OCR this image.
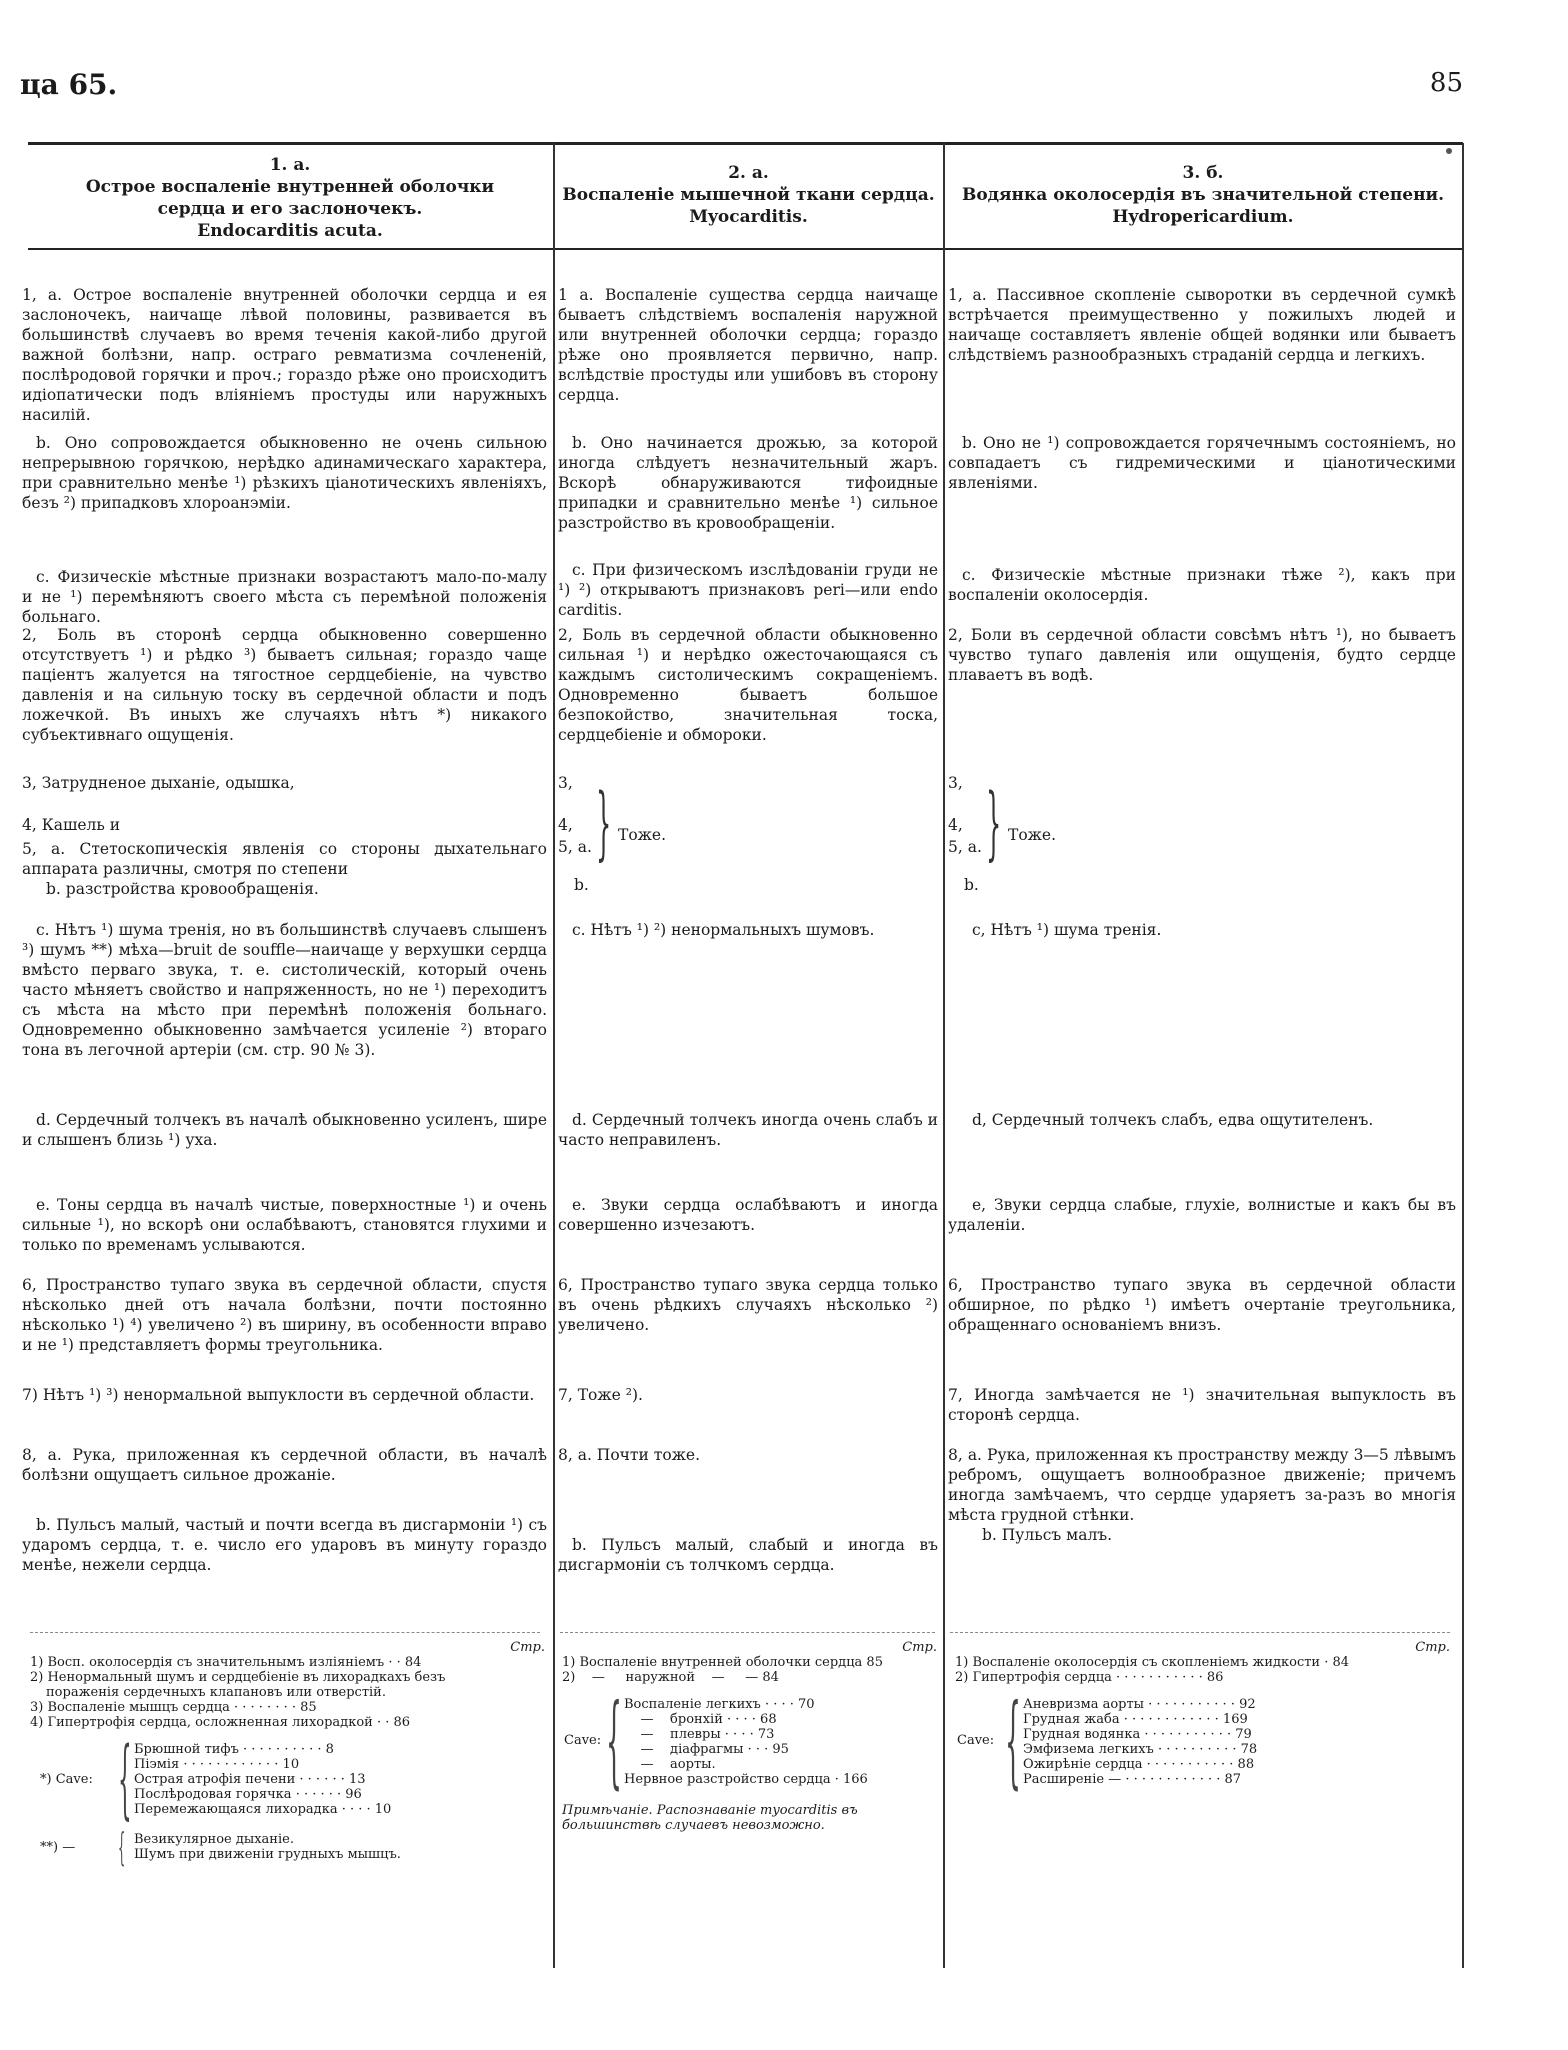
ца 65.	85
1. а.
Острое воспаленіе внутренней оболочки сердца и его заслоночекъ.
Endocarditis acuta.
2. а.
Воспаленіе мышечной ткани сердца.
Myocarditis.
3. б.
Водянка околосердія въ значительной степени.
Hydropericardium.

1, а. Острое воспаленіе внутренней оболочки сердца и ея заслоночекъ, наичаще лѣвой половины, развивается въ большинствѣ случаевъ во время теченія какой-либо другой важной болѣзни, напр. остраго ревматизма сочлененій, послѣродовой горячки и проч.; гораздо рѣже оно происходитъ идіопатически подъ вліяніемъ простуды или наружныхъ насилій.

b. Оно сопровождается обыкновенно не очень сильною непрерывною горячкою, нерѣдко адинамическаго характера, при сравнительно менѣе ¹) рѣзкихъ ціанотическихъ явленіяхъ, безъ ²) припадковъ хлороанэміи.

c. Физическіе мѣстные признаки возрастаютъ мало-по-малу и не ¹) перемѣняютъ своего мѣста съ перемѣной положенія больнаго.

2, Боль въ сторонѣ сердца обыкновенно совершенно отсутствуетъ ¹) и рѣдко ³) бываетъ сильная; гораздо чаще паціентъ жалуется на тягостное сердцебіеніе, на чувство давленія и на сильную тоску въ сердечной области и подъ ложечкой. Въ иныхъ же случаяхъ нѣтъ *) никакого субъективнаго ощущенія.

3, Затрудненое дыханіе, одышка,

4, Кашель и

5, а. Стетоскопическія явленія со стороны дыхательнаго аппарата различны, смотря по степени

b. разстройства кровообращенія.

c. Нѣтъ ¹) шума тренія, но въ большинствѣ случаевъ слышенъ ³) шумъ **) мѣха—bruit de souffle—наичаще у верхушки сердца вмѣсто перваго звука, т. е. систолическій, который очень часто мѣняетъ свойство и напряженность, но не ¹) переходитъ съ мѣста на мѣсто при перемѣнѣ положенія больнаго. Одновременно обыкновенно замѣчается усиленіе ²) втораго тона въ легочной артеріи (см. стр. 90 № 3).

d. Сердечный толчекъ въ началѣ обыкновенно усиленъ, шире и слышенъ близь ¹) уха.

e. Тоны сердца въ началѣ чистые, поверхностные ¹) и очень сильные ¹), но вскорѣ они ослабѣваютъ, становятся глухими и только по временамъ услываются.

6, Пространство тупаго звука въ сердечной области, спустя нѣсколько дней отъ начала болѣзни, почти постоянно нѣсколько ¹) ⁴) увеличено ²) въ ширину, въ особенности вправо и не ¹) представляетъ формы треугольника.

7) Нѣтъ ¹) ³) ненормальной выпуклости въ сердечной области.

8, а. Рука, приложенная къ сердечной области, въ началѣ болѣзни ощущаетъ сильное дрожаніе.

b. Пульсъ малый, частый и почти всегда въ дисгармоніи ¹) съ ударомъ сердца, т. е. число его ударовъ въ минуту гораздо менѣе, нежели сердца.

1 а. Воспаленіе существа сердца наичаще бываетъ слѣдствіемъ воспаленія наружной или внутренней оболочки сердца; гораздо рѣже оно проявляется первично, напр. вслѣдствіе простуды или ушибовъ въ сторону сердца.

b. Оно начинается дрожью, за которой иногда слѣдуетъ незначительный жаръ. Вскорѣ обнаруживаются тифоидные припадки и сравнительно менѣе ¹) сильное разстройство въ кровообращеніи.

c. При физическомъ изслѣдованіи груди не ¹) ²) открываютъ признаковъ peri—или endo carditis.

2, Боль въ сердечной области обыкновенно сильная ¹) и нерѣдко ожесточающаяся съ каждымъ систолическимъ сокращеніемъ. Одновременно бываетъ большое безпокойство, значительная тоска, сердцебіеніе и обмороки.

3,

4,

5, а. } Тоже.

b.

c. Нѣтъ ¹) ²) ненормальныхъ шумовъ.

d. Сердечный толчекъ иногда очень слабъ и часто неправиленъ.

e. Звуки сердца ослабѣваютъ и иногда совершенно изчезаютъ.

6, Пространство тупаго звука сердца только въ очень рѣдкихъ случаяхъ нѣсколько ²) увеличено.

7, Тоже ²).

8, а. Почти тоже.

b. Пульсъ малый, слабый и иногда въ дисгармоніи съ толчкомъ сердца.

1, а. Пассивное скопленіе сыворотки въ сердечной сумкѣ встрѣчается преимущественно у пожилыхъ людей и наичаще составляетъ явленіе общей водянки или бываетъ слѣдствіемъ разнообразныхъ страданій сердца и легкихъ.

b. Оно не ¹) сопровождается горячечнымъ состояніемъ, но совпадаетъ съ гидремическими и ціанотическими явленіями.

c. Физическіе мѣстные признаки тѣже ²), какъ при воспаленіи околосердія.

2, Боли въ сердечной области совсѣмъ нѣтъ ¹), но бываетъ чувство тупаго давленія или ощущенія, будто сердце плаваетъ въ водѣ.

3,

4,

5, а. } Тоже.

b.

c, Нѣтъ ¹) шума тренія.

d, Сердечный толчекъ слабъ, едва ощутителенъ.

e, Звуки сердца слабые, глухіе, волнистые и какъ бы въ удаленіи.

6, Пространство тупаго звука въ сердечной области обширное, по рѣдко ¹) имѣетъ очертаніе треугольника, обращеннаго основаніемъ внизъ.

7, Иногда замѣчается не ¹) значительная выпуклость въ сторонѣ сердца.

8, а. Рука, приложенная къ пространству между 3—5 лѣвымъ ребромъ, ощущаетъ волнообразное движеніе; причемъ иногда замѣчаемъ, что сердце ударяетъ за-разъ во многія мѣста грудной стѣнки.

b. Пульсъ малъ.

Стр.
1) Восп. околосердія съ значительнымъ изліяніемъ · · 84
2) Ненормальный шумъ и сердцебіеніе въ лихорадкахъ безъ
пораженія сердечныхъ клапановъ или отверстій.
3) Воспаленіе мышцъ сердца · · · · · · · · 85
4) Гипертрофія сердца, осложненная лихорадкой · · 86
*) Cave: { Брюшной тифъ · · · · · · · · · · 8
Піэмія · · · · · · · · · · · · 10
Острая атрофія печени · · · · · · 13
Послѣродовая горячка · · · · · · 96
Перемежающаяся лихорадка · · · · 10
**) — { Везикулярное дыханіе.
Шумъ при движеніи грудныхъ мышцъ.
Стр.
1) Воспаленіе внутренней оболочки сердца 85
2)    —     наружной    —     — 84
Cave: { Воспаленіе легкихъ · · · · 70
—    бронхій · · · · 68
—    плевры · · · · 73
—    діафрагмы · · · 95
—    аорты.
Нервное разстройство сердца · 166
Примѣчаніе. Распознаваніе myocarditis въ большинствѣ случаевъ невозможно.
Стр.
1) Воспаленіе околосердія съ скопленіемъ жидкости · 84
2) Гипертрофія сердца · · · · · · · · · · · 86
Cave: { Аневризма аорты · · · · · · · · · · · 92
Грудная жаба · · · · · · · · · · · · 169
Грудная водянка · · · · · · · · · · · 79
Эмфизема легкихъ · · · · · · · · · · 78
Ожирѣніе сердца · · · · · · · · · · · 88
Расширеніе — · · · · · · · · · · · · 87
